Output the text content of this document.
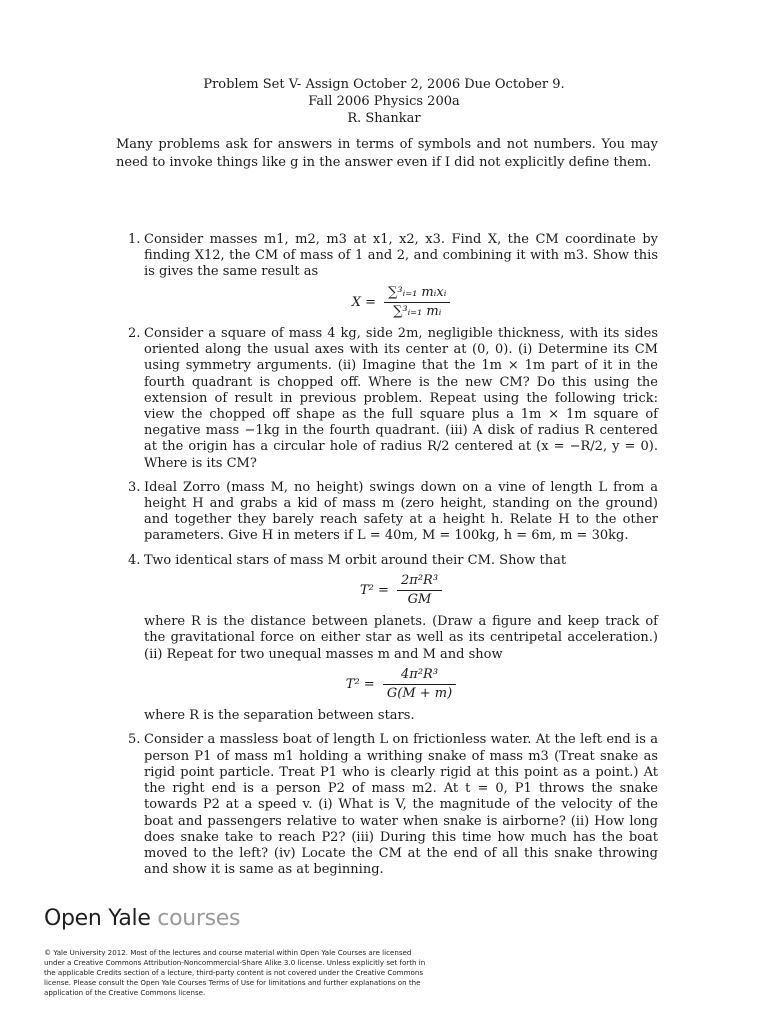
Problem Set V- Assign October 2, 2006 Due October 9.
Fall 2006 Physics 200a
R. Shankar
Many problems ask for answers in terms of symbols and not numbers. You may need to invoke things like g in the answer even if I did not explicitly define them.
1. Consider masses m1, m2, m3 at x1, x2, x3. Find X, the CM coordinate by finding X12, the CM of mass of 1 and 2, and combining it with m3. Show this is gives the same result as
$X = \frac{\text{∑³ᵢ₌₁ mᵢxᵢ}}{\text{∑³ᵢ₌₁ mᵢ}}$
2. Consider a square of mass 4 kg, side 2m, negligible thickness, with its sides oriented along the usual axes with its center at (0, 0). (i) Determine its CM using symmetry arguments. (ii) Imagine that the 1m × 1m part of it in the fourth quadrant is chopped off. Where is the new CM? Do this using the extension of result in previous problem. Repeat using the following trick: view the chopped off shape as the full square plus a 1m × 1m square of negative mass −1kg in the fourth quadrant. (iii) A disk of radius R centered at the origin has a circular hole of radius R/2 centered at (x = −R/2, y = 0). Where is its CM?
3. Ideal Zorro (mass M, no height) swings down on a vine of length L from a height H and grabs a kid of mass m (zero height, standing on the ground) and together they barely reach safety at a height h. Relate H to the other parameters. Give H in meters if L = 40m, M = 100kg, h = 6m, m = 30kg.
4. Two identical stars of mass M orbit around their CM. Show that
$T^2 = \frac{\text{2π²R³}}{GM}$
where R is the distance between planets. (Draw a figure and keep track of the gravitational force on either star as well as its centripetal acceleration.) (ii) Repeat for two unequal masses m and M and show
$T^2 = \frac{\text{4π²R³}}{G(M + m)}$
where R is the separation between stars.
5. Consider a massless boat of length L on frictionless water. At the left end is a person P1 of mass m1 holding a writhing snake of mass m3 (Treat snake as rigid point particle. Treat P1 who is clearly rigid at this point as a point.) At the right end is a person P2 of mass m2. At t = 0, P1 throws the snake towards P2 at a speed v. (i) What is V, the magnitude of the velocity of the boat and passengers relative to water when snake is airborne? (ii) How long does snake take to reach P2? (iii) During this time how much has the boat moved to the left? (iv) Locate the CM at the end of all this snake throwing and show it is same as at beginning.
Open Yale courses
© Yale University 2012. Most of the lectures and course material within Open Yale Courses are licensed under a Creative Commons Attribution-Noncommercial-Share Alike 3.0 license. Unless explicitly set forth in the applicable Credits section of a lecture, third-party content is not covered under the Creative Commons license. Please consult the Open Yale Courses Terms of Use for limitations and further explanations on the application of the Creative Commons license.
